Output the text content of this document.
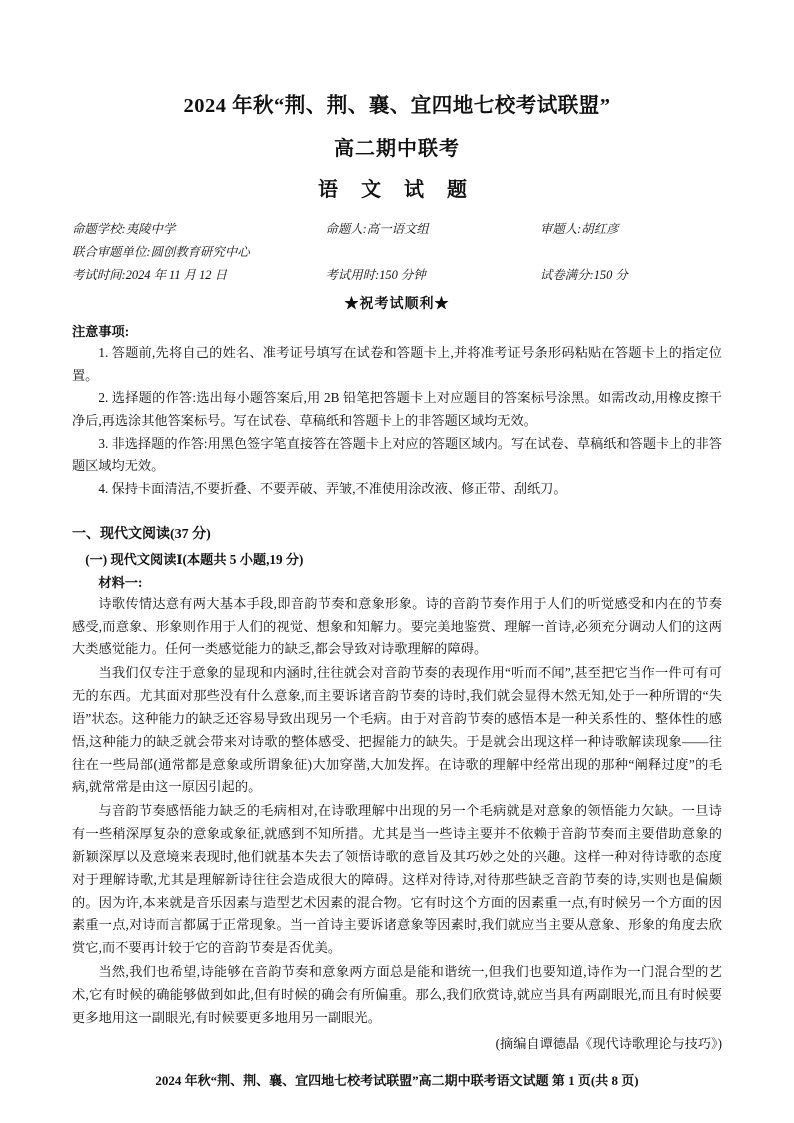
2024 年秋“荆、荆、襄、宜四地七校考试联盟”
高二期中联考
语 文 试 题
命题学校:夷陵中学	命题人:高一语文组	审题人:胡红彦
联合审题单位:圆创教育研究中心
考试时间:2024 年 11 月 12 日	考试用时:150 分钟	试卷满分:150 分
★祝考试顺利★
注意事项:
1. 答题前,先将自己的姓名、准考证号填写在试卷和答题卡上,并将准考证号条形码粘贴在答题卡上的指定位置。
2. 选择题的作答:选出每小题答案后,用 2B 铅笔把答题卡上对应题目的答案标号涂黑。如需改动,用橡皮擦干净后,再选涂其他答案标号。写在试卷、草稿纸和答题卡上的非答题区域均无效。
3. 非选择题的作答:用黑色签字笔直接答在答题卡上对应的答题区域内。写在试卷、草稿纸和答题卡上的非答题区域均无效。
4. 保持卡面清洁,不要折叠、不要弄破、弄皱,不准使用涂改液、修正带、刮纸刀。
一、现代文阅读(37 分)
(一) 现代文阅读Ⅰ(本题共 5 小题,19 分)
材料一:

诗歌传情达意有两大基本手段,即音韵节奏和意象形象。诗的音韵节奏作用于人们的听觉感受和内在的节奏感受,而意象、形象则作用于人们的视觉、想象和知解力。要完美地鉴赏、理解一首诗,必须充分调动人们的这两大类感觉能力。任何一类感觉能力的缺乏,都会导致对诗歌理解的障碍。

当我们仅专注于意象的显现和内涵时,往往就会对音韵节奏的表现作用“听而不闻”,甚至把它当作一件可有可无的东西。尤其面对那些没有什么意象,而主要诉诸音韵节奏的诗时,我们就会显得木然无知,处于一种所谓的“失语”状态。这种能力的缺乏还容易导致出现另一个毛病。由于对音韵节奏的感悟本是一种关系性的、整体性的感悟,这种能力的缺乏就会带来对诗歌的整体感受、把握能力的缺失。于是就会出现这样一种诗歌解读现象——往往在一些局部(通常都是意象或所谓象征)大加穿凿,大加发挥。在诗歌的理解中经常出现的那种“阐释过度”的毛病,就常常是由这一原因引起的。

与音韵节奏感悟能力缺乏的毛病相对,在诗歌理解中出现的另一个毛病就是对意象的领悟能力欠缺。一旦诗有一些稍深厚复杂的意象或象征,就感到不知所措。尤其是当一些诗主要并不依赖于音韵节奏而主要借助意象的新颖深厚以及意境来表现时,他们就基本失去了领悟诗歌的意旨及其巧妙之处的兴趣。这样一种对待诗歌的态度对于理解诗歌,尤其是理解新诗往往会造成很大的障碍。这样对待诗,对待那些缺乏音韵节奏的诗,实则也是偏颇的。因为许,本来就是音乐因素与造型艺术因素的混合物。它有时这个方面的因素重一点,有时候另一个方面的因素重一点,对诗而言都属于正常现象。当一首诗主要诉诸意象等因素时,我们就应当主要从意象、形象的角度去欣赏它,而不要再计较于它的音韵节奏是否优美。

当然,我们也希望,诗能够在音韵节奏和意象两方面总是能和谐统一,但我们也要知道,诗作为一门混合型的艺术,它有时候的确能够做到如此,但有时候的确会有所偏重。那么,我们欣赏诗,就应当具有两副眼光,而且有时候要更多地用这一副眼光,有时候要更多地用另一副眼光。

(摘编自谭德晶《现代诗歌理论与技巧》)
2024 年秋“荆、荆、襄、宜四地七校考试联盟”高二期中联考语文试题 第 1 页(共 8 页)
